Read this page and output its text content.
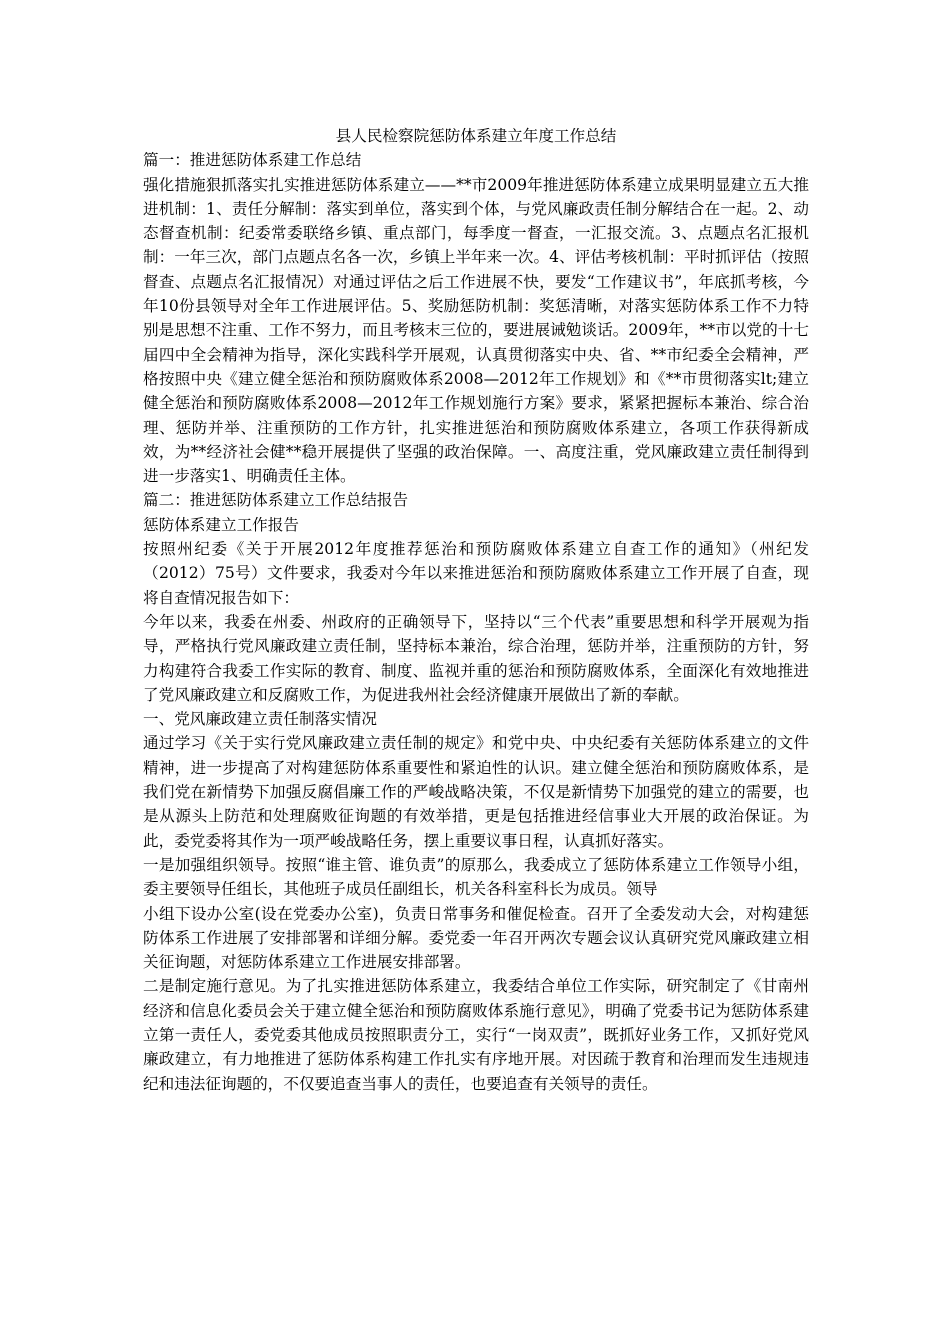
县人民检察院惩防体系建立年度工作总结

篇一：推进惩防体系建工作总结

强化措施狠抓落实扎实推进惩防体系建立——**市2009年推进惩防体系建立成果明显建立五大推进机制：1、责任分解制：落实到单位，落实到个体，与党风廉政责任制分解结合在一起。2、动态督查机制：纪委常委联络乡镇、重点部门，每季度一督查，一汇报交流。3、点题点名汇报机制：一年三次，部门点题点名各一次，乡镇上半年来一次。4、评估考核机制：平时抓评估（按照督查、点题点名汇报情况）对通过评估之后工作进展不快，要发“工作建议书”，年底抓考核，今年10份县领导对全年工作进展评估。5、奖励惩防机制：奖惩清晰，对落实惩防体系工作不力特别是思想不注重、工作不努力，而且考核末三位的，要进展诫勉谈话。2009年，**市以党的十七届四中全会精神为指导，深化实践科学开展观，认真贯彻落实中央、省、**市纪委全会精神，严格按照中央《建立健全惩治和预防腐败体系2008—2012年工作规划》和《**市贯彻落实lt;建立健全惩治和预防腐败体系2008—2012年工作规划施行方案》要求，紧紧把握标本兼治、综合治理、惩防并举、注重预防的工作方针，扎实推进惩治和预防腐败体系建立，各项工作获得新成效，为**经济社会健**稳开展提供了坚强的政治保障。一、高度注重，党风廉政建立责任制得到进一步落实1、明确责任主体。

篇二：推进惩防体系建立工作总结报告

惩防体系建立工作报告

按照州纪委《关于开展2012年度推荐惩治和预防腐败体系建立自查工作的通知》（州纪发（2012）75号）文件要求，我委对今年以来推进惩治和预防腐败体系建立工作开展了自查，现将自查情况报告如下：

今年以来，我委在州委、州政府的正确领导下，坚持以“三个代表”重要思想和科学开展观为指导，严格执行党风廉政建立责任制，坚持标本兼治，综合治理，惩防并举，注重预防的方针，努力构建符合我委工作实际的教育、制度、监视并重的惩治和预防腐败体系，全面深化有效地推进了党风廉政建立和反腐败工作，为促进我州社会经济健康开展做出了新的奉献。

一、党风廉政建立责任制落实情况

通过学习《关于实行党风廉政建立责任制的规定》和党中央、中央纪委有关惩防体系建立的文件精神，进一步提高了对构建惩防体系重要性和紧迫性的认识。建立健全惩治和预防腐败体系，是我们党在新情势下加强反腐倡廉工作的严峻战略决策，不仅是新情势下加强党的建立的需要，也是从源头上防范和处理腐败征询题的有效举措，更是包括推进经信事业大开展的政治保证。为此，委党委将其作为一项严峻战略任务，摆上重要议事日程，认真抓好落实。

一是加强组织领导。按照“谁主管、谁负责”的原那么，我委成立了惩防体系建立工作领导小组，委主要领导任组长，其他班子成员任副组长，机关各科室科长为成员。领导

小组下设办公室(设在党委办公室)，负责日常事务和催促检查。召开了全委发动大会，对构建惩防体系工作进展了安排部署和详细分解。委党委一年召开两次专题会议认真研究党风廉政建立相关征询题，对惩防体系建立工作进展安排部署。

二是制定施行意见。为了扎实推进惩防体系建立，我委结合单位工作实际，研究制定了《甘南州经济和信息化委员会关于建立健全惩治和预防腐败体系施行意见》，明确了党委书记为惩防体系建立第一责任人，委党委其他成员按照职责分工，实行“一岗双责”，既抓好业务工作，又抓好党风廉政建立，有力地推进了惩防体系构建工作扎实有序地开展。对因疏于教育和治理而发生违规违纪和违法征询题的，不仅要追查当事人的责任，也要追查有关领导的责任。
